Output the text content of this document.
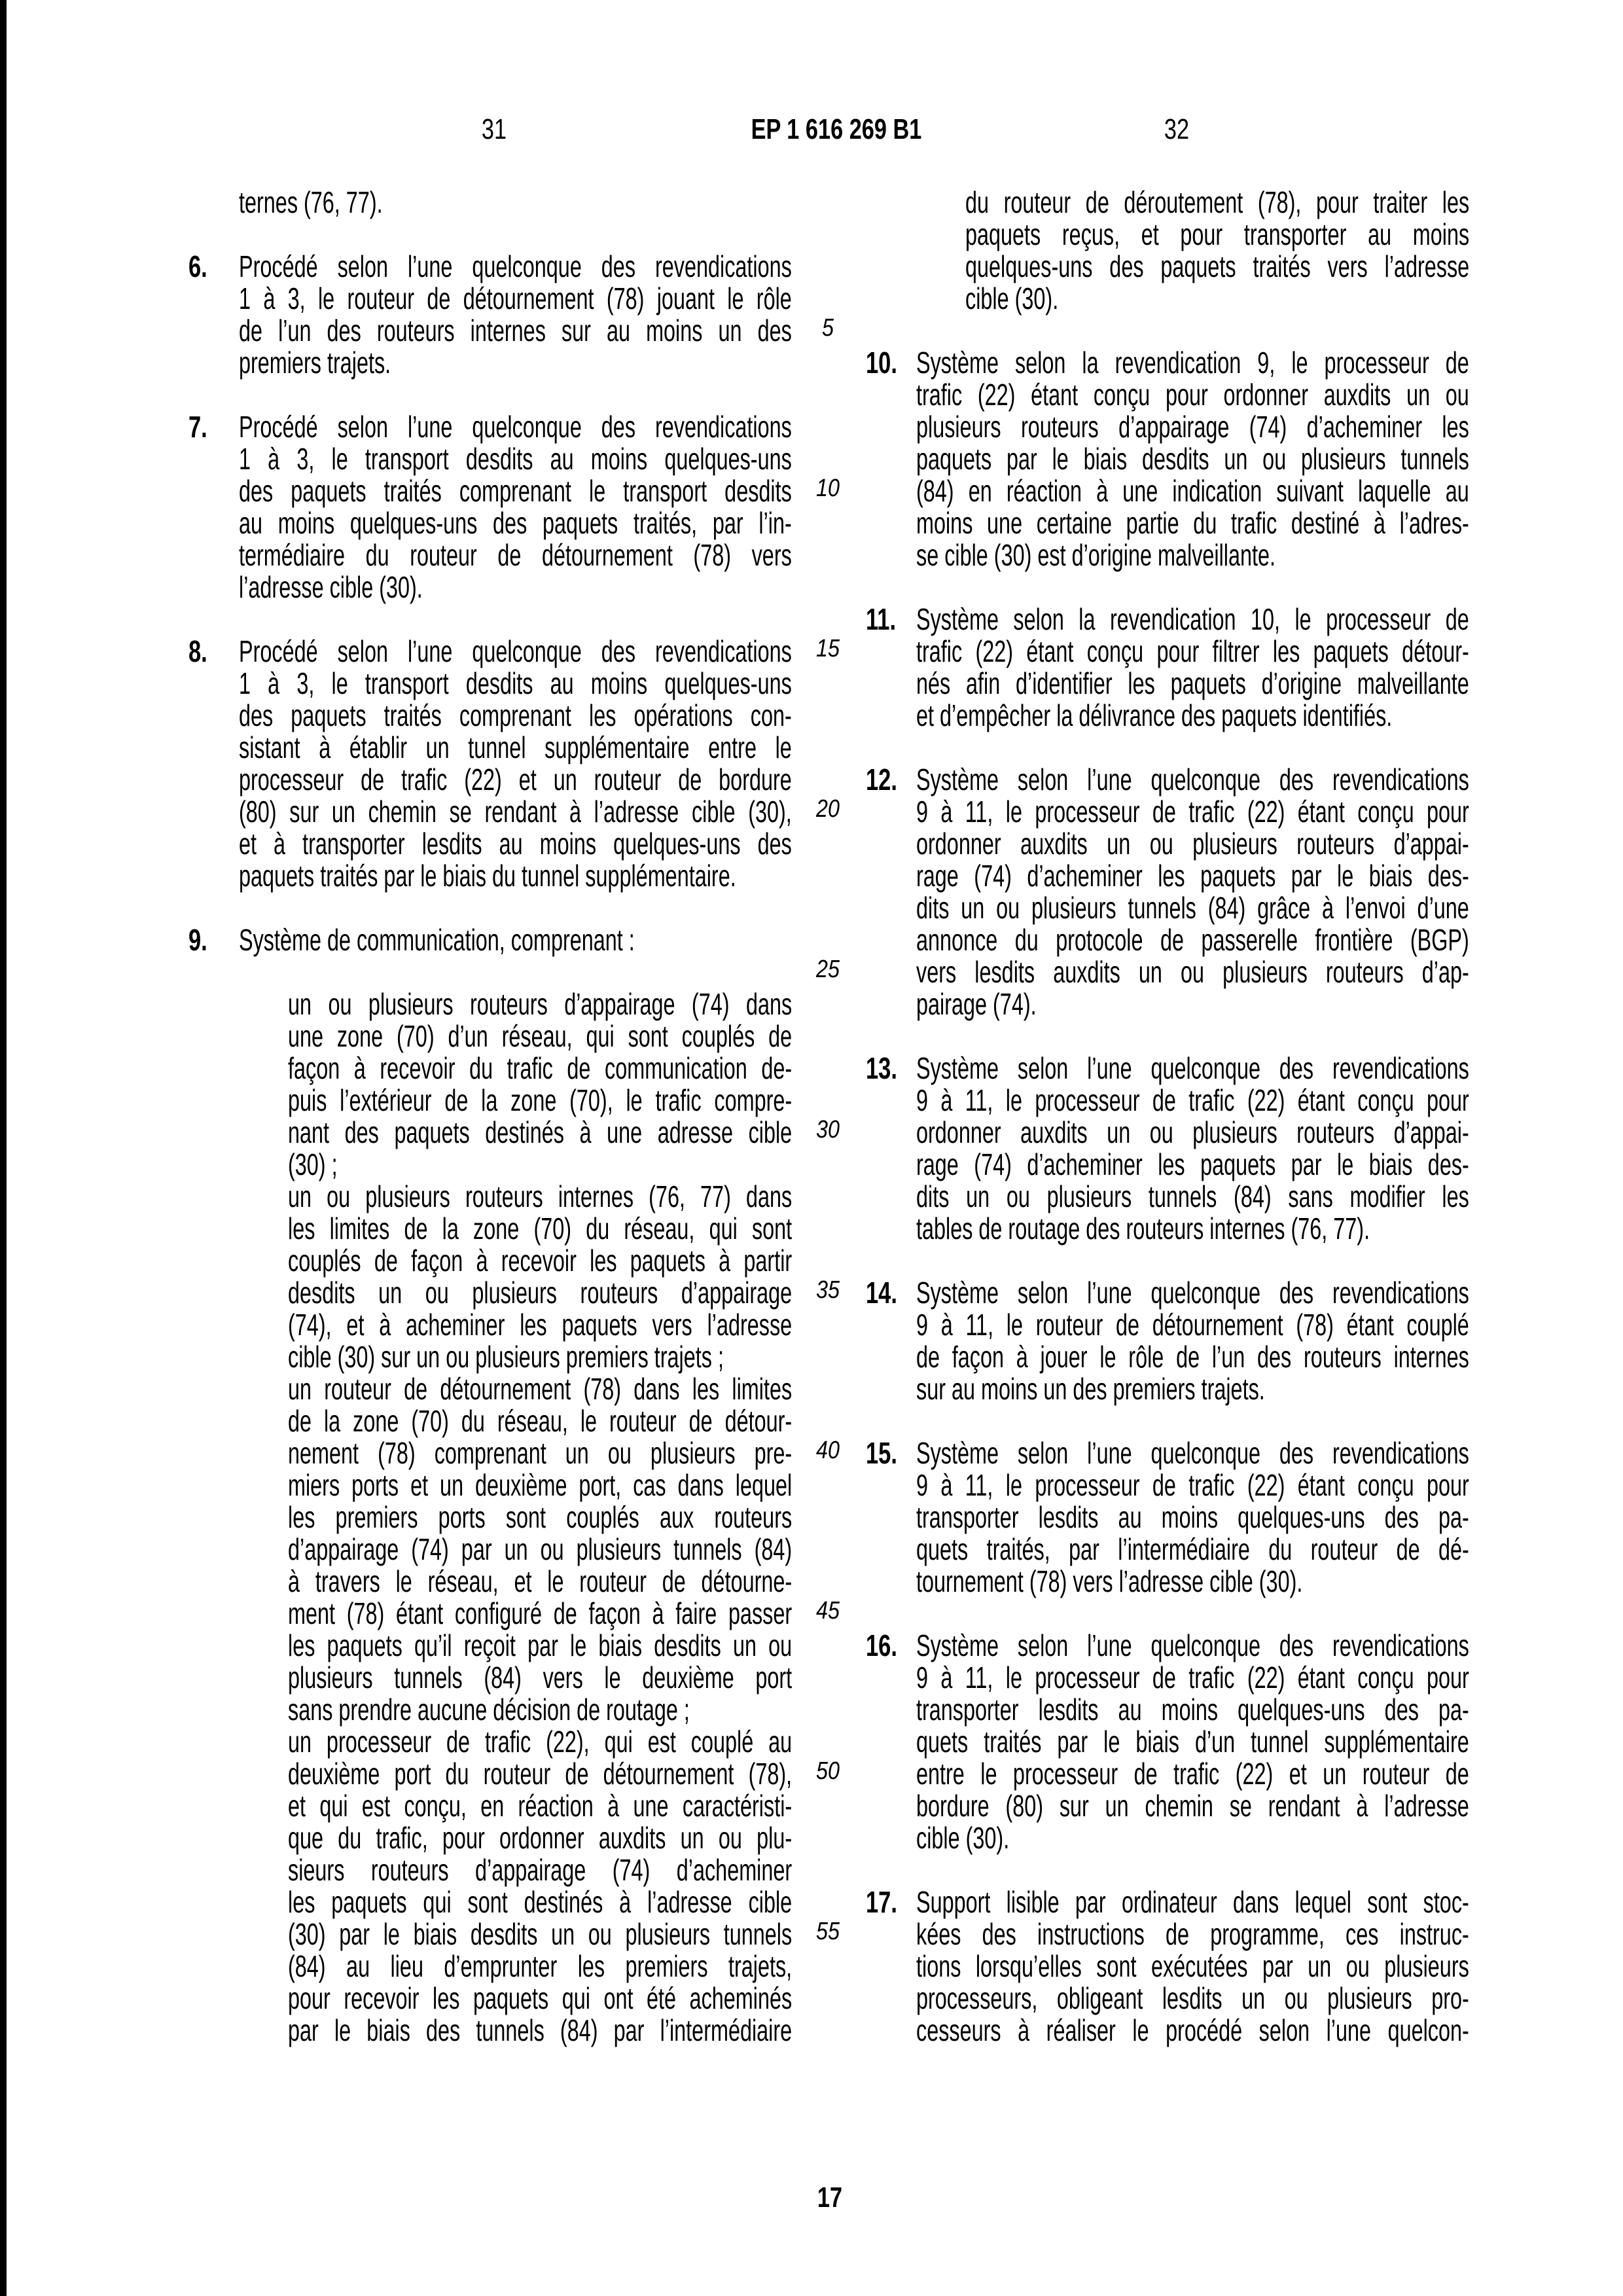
31	EP 1 616 269 B1	32
5
10
15
20
25
30
35
40
45
50
55
ternes (76, 77).
6. Procédé selon l’une quelconque des revendications
1 à 3, le routeur de détournement (78) jouant le rôle
de l’un des routeurs internes sur au moins un des
premiers trajets.
7. Procédé selon l’une quelconque des revendications
1 à 3, le transport desdits au moins quelques-uns
des paquets traités comprenant le transport desdits
au moins quelques-uns des paquets traités, par l’in-
termédiaire du routeur de détournement (78) vers
l’adresse cible (30).
8. Procédé selon l’une quelconque des revendications
1 à 3, le transport desdits au moins quelques-uns
des paquets traités comprenant les opérations con-
sistant à établir un tunnel supplémentaire entre le
processeur de trafic (22) et un routeur de bordure
(80) sur un chemin se rendant à l’adresse cible (30),
et à transporter lesdits au moins quelques-uns des
paquets traités par le biais du tunnel supplémentaire.
9. Système de communication, comprenant :
un ou plusieurs routeurs d’appairage (74) dans
une zone (70) d’un réseau, qui sont couplés de
façon à recevoir du trafic de communication de-
puis l’extérieur de la zone (70), le trafic compre-
nant des paquets destinés à une adresse cible
(30) ;
un ou plusieurs routeurs internes (76, 77) dans
les limites de la zone (70) du réseau, qui sont
couplés de façon à recevoir les paquets à partir
desdits un ou plusieurs routeurs d’appairage
(74), et à acheminer les paquets vers l’adresse
cible (30) sur un ou plusieurs premiers trajets ;
un routeur de détournement (78) dans les limites
de la zone (70) du réseau, le routeur de détour-
nement (78) comprenant un ou plusieurs pre-
miers ports et un deuxième port, cas dans lequel
les premiers ports sont couplés aux routeurs
d’appairage (74) par un ou plusieurs tunnels (84)
à travers le réseau, et le routeur de détourne-
ment (78) étant configuré de façon à faire passer
les paquets qu’il reçoit par le biais desdits un ou
plusieurs tunnels (84) vers le deuxième port
sans prendre aucune décision de routage ;
un processeur de trafic (22), qui est couplé au
deuxième port du routeur de détournement (78),
et qui est conçu, en réaction à une caractéristi-
que du trafic, pour ordonner auxdits un ou plu-
sieurs routeurs d’appairage (74) d’acheminer
les paquets qui sont destinés à l’adresse cible
(30) par le biais desdits un ou plusieurs tunnels
(84) au lieu d’emprunter les premiers trajets,
pour recevoir les paquets qui ont été acheminés
par le biais des tunnels (84) par l’intermédiaire
du routeur de déroutement (78), pour traiter les
paquets reçus, et pour transporter au moins
quelques-uns des paquets traités vers l’adresse
cible (30).
10. Système selon la revendication 9, le processeur de
trafic (22) étant conçu pour ordonner auxdits un ou
plusieurs routeurs d’appairage (74) d’acheminer les
paquets par le biais desdits un ou plusieurs tunnels
(84) en réaction à une indication suivant laquelle au
moins une certaine partie du trafic destiné à l’adres-
se cible (30) est d’origine malveillante.
11. Système selon la revendication 10, le processeur de
trafic (22) étant conçu pour filtrer les paquets détour-
nés afin d’identifier les paquets d’origine malveillante
et d’empêcher la délivrance des paquets identifiés.
12. Système selon l’une quelconque des revendications
9 à 11, le processeur de trafic (22) étant conçu pour
ordonner auxdits un ou plusieurs routeurs d’appai-
rage (74) d’acheminer les paquets par le biais des-
dits un ou plusieurs tunnels (84) grâce à l’envoi d’une
annonce du protocole de passerelle frontière (BGP)
vers lesdits auxdits un ou plusieurs routeurs d’ap-
pairage (74).
13. Système selon l’une quelconque des revendications
9 à 11, le processeur de trafic (22) étant conçu pour
ordonner auxdits un ou plusieurs routeurs d’appai-
rage (74) d’acheminer les paquets par le biais des-
dits un ou plusieurs tunnels (84) sans modifier les
tables de routage des routeurs internes (76, 77).
14. Système selon l’une quelconque des revendications
9 à 11, le routeur de détournement (78) étant couplé
de façon à jouer le rôle de l’un des routeurs internes
sur au moins un des premiers trajets.
15. Système selon l’une quelconque des revendications
9 à 11, le processeur de trafic (22) étant conçu pour
transporter lesdits au moins quelques-uns des pa-
quets traités, par l’intermédiaire du routeur de dé-
tournement (78) vers l’adresse cible (30).
16. Système selon l’une quelconque des revendications
9 à 11, le processeur de trafic (22) étant conçu pour
transporter lesdits au moins quelques-uns des pa-
quets traités par le biais d’un tunnel supplémentaire
entre le processeur de trafic (22) et un routeur de
bordure (80) sur un chemin se rendant à l’adresse
cible (30).
17. Support lisible par ordinateur dans lequel sont stoc-
kées des instructions de programme, ces instruc-
tions lorsqu’elles sont exécutées par un ou plusieurs
processeurs, obligeant lesdits un ou plusieurs pro-
cesseurs à réaliser le procédé selon l’une quelcon-
17
